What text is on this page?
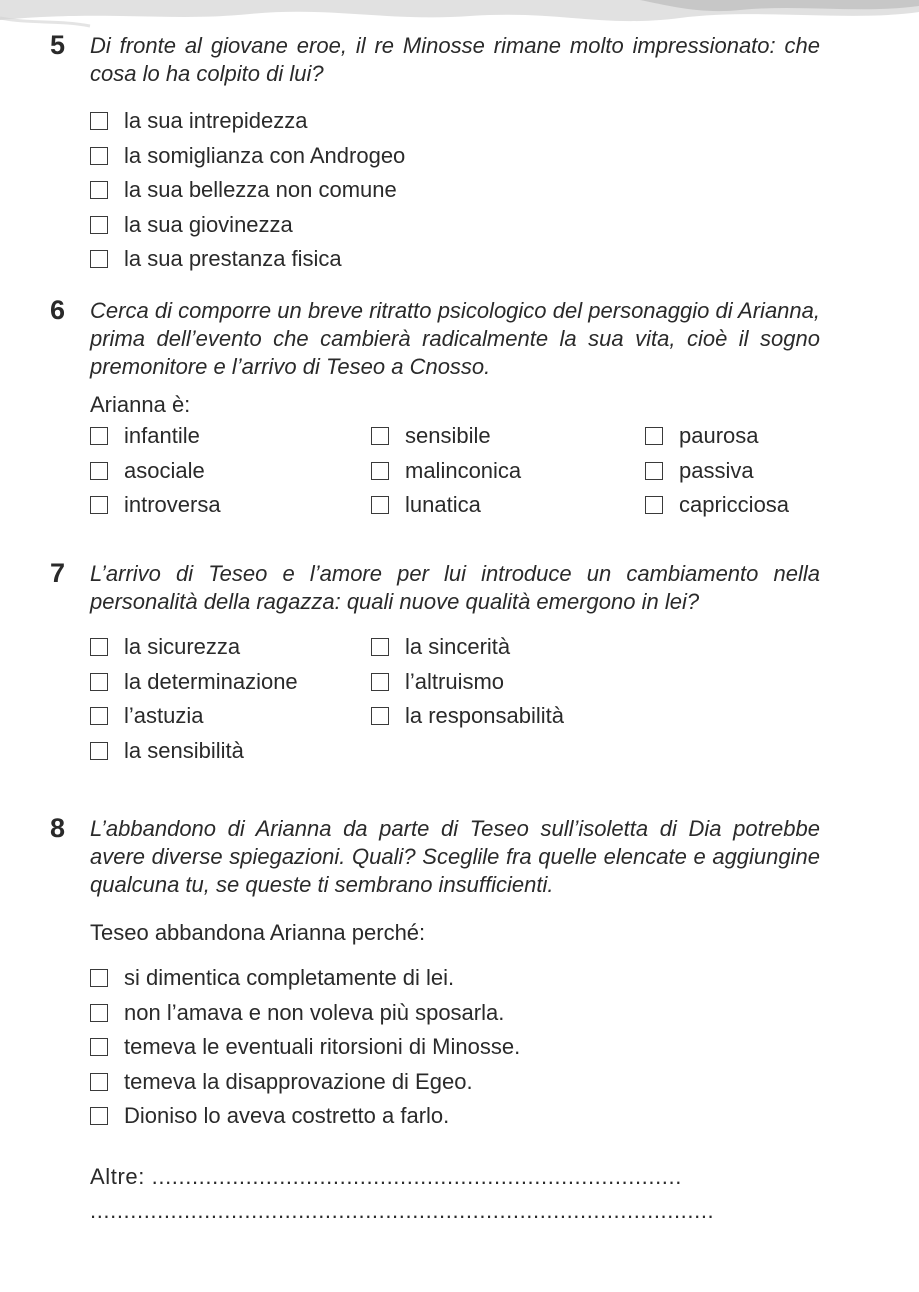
5 Di fronte al giovane eroe, il re Minosse rimane molto impressionato: che cosa lo ha colpito di lui?
la sua intrepidezza
la somiglianza con Androgeo
la sua bellezza non comune
la sua giovinezza
la sua prestanza fisica
6 Cerca di comporre un breve ritratto psicologico del personaggio di Arianna, prima dell’evento che cambierà radicalmente la sua vita, cioè il sogno premonitore e l’arrivo di Teseo a Cnosso.
Arianna è:
infantile	sensibile	paurosa
asociale	malinconica	passiva
introversa	lunatica	capricciosa
7 L’arrivo di Teseo e l’amore per lui introduce un cambiamento nella personalità della ragazza: quali nuove qualità emergono in lei?
la sicurezza	la sincerità
la determinazione	l’altruismo
l’astuzia	la responsabilità
la sensibilità
8 L’abbandono di Arianna da parte di Teseo sull’isoletta di Dia potrebbe avere diverse spiegazioni. Quali? Sceglile fra quelle elencate e aggiungine qualcuna tu, se queste ti sembrano insufficienti.
Teseo abbandona Arianna perché:
si dimentica completamente di lei.
non l’amava e non voleva più sposarla.
temeva le eventuali ritorsioni di Minosse.
temeva la disapprovazione di Egeo.
Dioniso lo aveva costretto a farlo.
Altre: ...............................................................................
.............................................................................................
